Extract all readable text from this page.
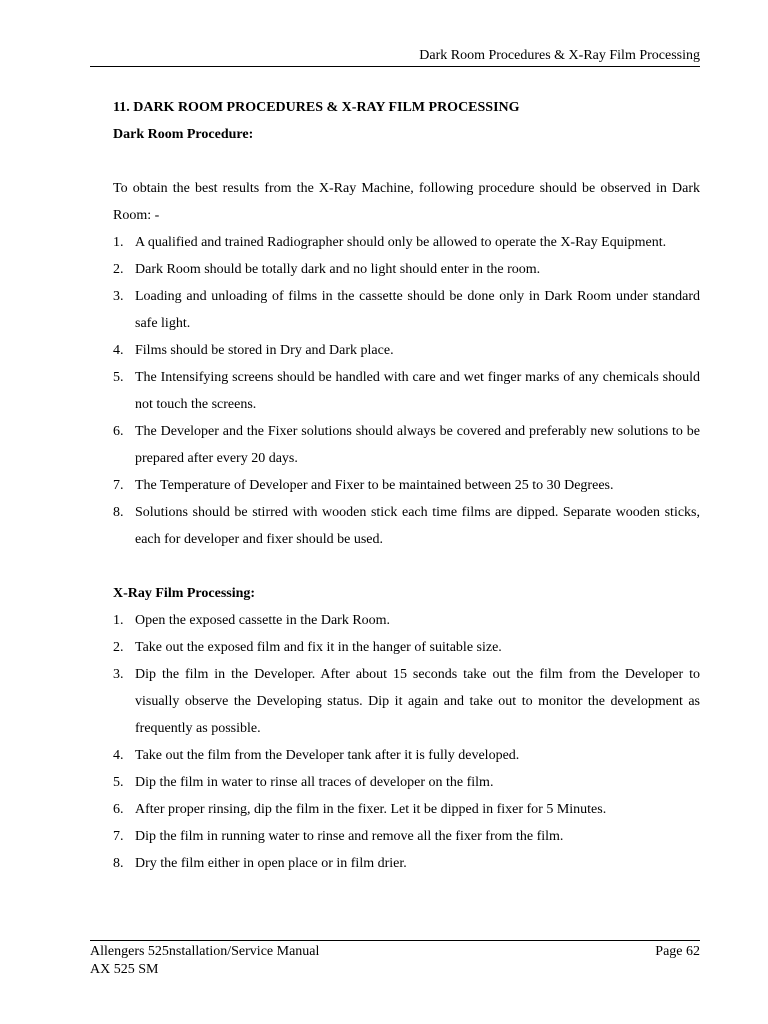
Dark Room Procedures & X-Ray Film Processing

11. DARK ROOM PROCEDURES & X-RAY FILM PROCESSING

Dark Room Procedure:

To obtain the best results from the X-Ray Machine, following procedure should be observed in Dark Room: -

1. A qualified and trained Radiographer should only be allowed to operate the X-Ray Equipment.
2. Dark Room should be totally dark and no light should enter in the room.
3. Loading and unloading of films in the cassette should be done only in Dark Room under standard safe light.
4. Films should be stored in Dry and Dark place.
5. The Intensifying screens should be handled with care and wet finger marks of any chemicals should not touch the screens.
6. The Developer and the Fixer solutions should always be covered and preferably new solutions to be prepared after every 20 days.
7. The Temperature of Developer and Fixer to be maintained between 25 to 30 Degrees.
8. Solutions should be stirred with wooden stick each time films are dipped. Separate wooden sticks, each for developer and fixer should be used.

X-Ray Film Processing:

1. Open the exposed cassette in the Dark Room.
2. Take out the exposed film and fix it in the hanger of suitable size.
3. Dip the film in the Developer. After about 15 seconds take out the film from the Developer to visually observe the Developing status. Dip it again and take out to monitor the development as frequently as possible.
4. Take out the film from the Developer tank after it is fully developed.
5. Dip the film in water to rinse all traces of developer on the film.
6. After proper rinsing, dip the film in the fixer. Let it be dipped in fixer for 5 Minutes.
7. Dip the film in running water to rinse and remove all the fixer from the film.
8. Dry the film either in open place or in film drier.
Allengers 525nstallation/Service Manual	Page 62
AX 525 SM
